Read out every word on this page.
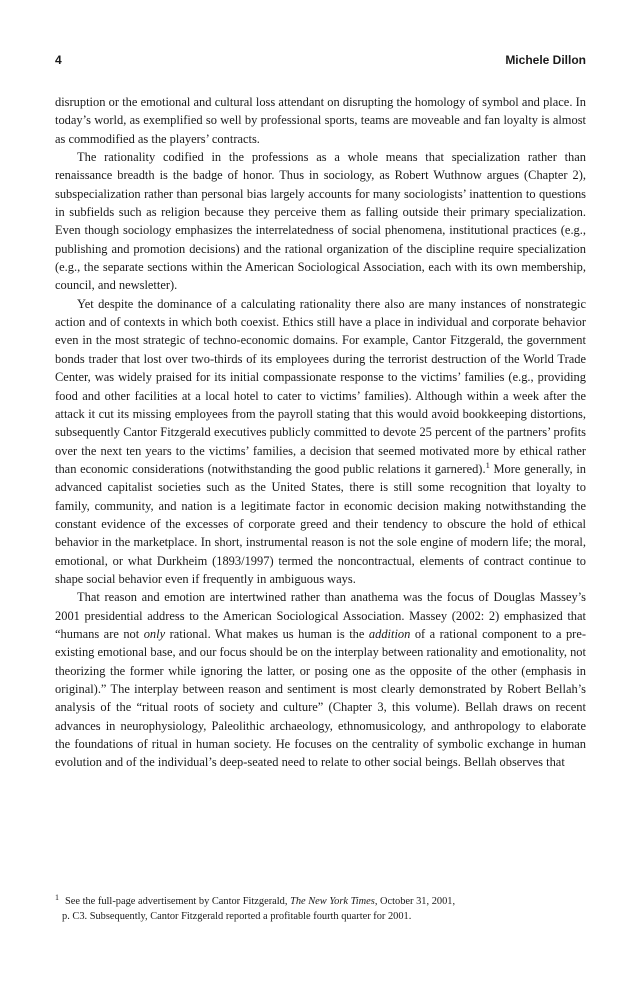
4	Michele Dillon

disruption or the emotional and cultural loss attendant on disrupting the homology of symbol and place. In today’s world, as exemplified so well by professional sports, teams are moveable and fan loyalty is almost as commodified as the players’ contracts.

The rationality codified in the professions as a whole means that specialization rather than renaissance breadth is the badge of honor. Thus in sociology, as Robert Wuthnow argues (Chapter 2), subspecialization rather than personal bias largely accounts for many sociologists’ inattention to questions in subfields such as religion because they perceive them as falling outside their primary specialization. Even though sociology emphasizes the interrelatedness of social phenomena, institutional practices (e.g., publishing and promotion decisions) and the rational organization of the discipline require specialization (e.g., the separate sections within the American Sociological Association, each with its own membership, council, and newsletter).

Yet despite the dominance of a calculating rationality there also are many instances of nonstrategic action and of contexts in which both coexist. Ethics still have a place in individual and corporate behavior even in the most strategic of techno-economic domains. For example, Cantor Fitzgerald, the government bonds trader that lost over two-thirds of its employees during the terrorist destruction of the World Trade Center, was widely praised for its initial compassionate response to the victims’ families (e.g., providing food and other facilities at a local hotel to cater to victims’ families). Although within a week after the attack it cut its missing employees from the payroll stating that this would avoid bookkeeping distortions, subsequently Cantor Fitzgerald executives publicly committed to devote 25 percent of the partners’ profits over the next ten years to the victims’ families, a decision that seemed motivated more by ethical rather than economic considerations (notwithstanding the good public relations it garnered).$^1$ More generally, in advanced capitalist societies such as the United States, there is still some recognition that loyalty to family, community, and nation is a legitimate factor in economic decision making notwithstanding the constant evidence of the excesses of corporate greed and their tendency to obscure the hold of ethical behavior in the marketplace. In short, instrumental reason is not the sole engine of modern life; the moral, emotional, or what Durkheim (1893/1997) termed the noncontractual, elements of contract continue to shape social behavior even if frequently in ambiguous ways.

That reason and emotion are intertwined rather than anathema was the focus of Douglas Massey’s 2001 presidential address to the American Sociological Association. Massey (2002: 2) emphasized that “humans are not only rational. What makes us human is the addition of a rational component to a pre-existing emotional base, and our focus should be on the interplay between rationality and emotionality, not theorizing the former while ignoring the latter, or posing one as the opposite of the other (emphasis in original).” The interplay between reason and sentiment is most clearly demonstrated by Robert Bellah’s analysis of the “ritual roots of society and culture” (Chapter 3, this volume). Bellah draws on recent advances in neurophysiology, Paleolithic archaeology, ethnomusicology, and anthropology to elaborate the foundations of ritual in human society. He focuses on the centrality of symbolic exchange in human evolution and of the individual’s deep-seated need to relate to other social beings. Bellah observes that

$^1$ See the full-page advertisement by Cantor Fitzgerald, The New York Times, October 31, 2001,
p. C3. Subsequently, Cantor Fitzgerald reported a profitable fourth quarter for 2001.
